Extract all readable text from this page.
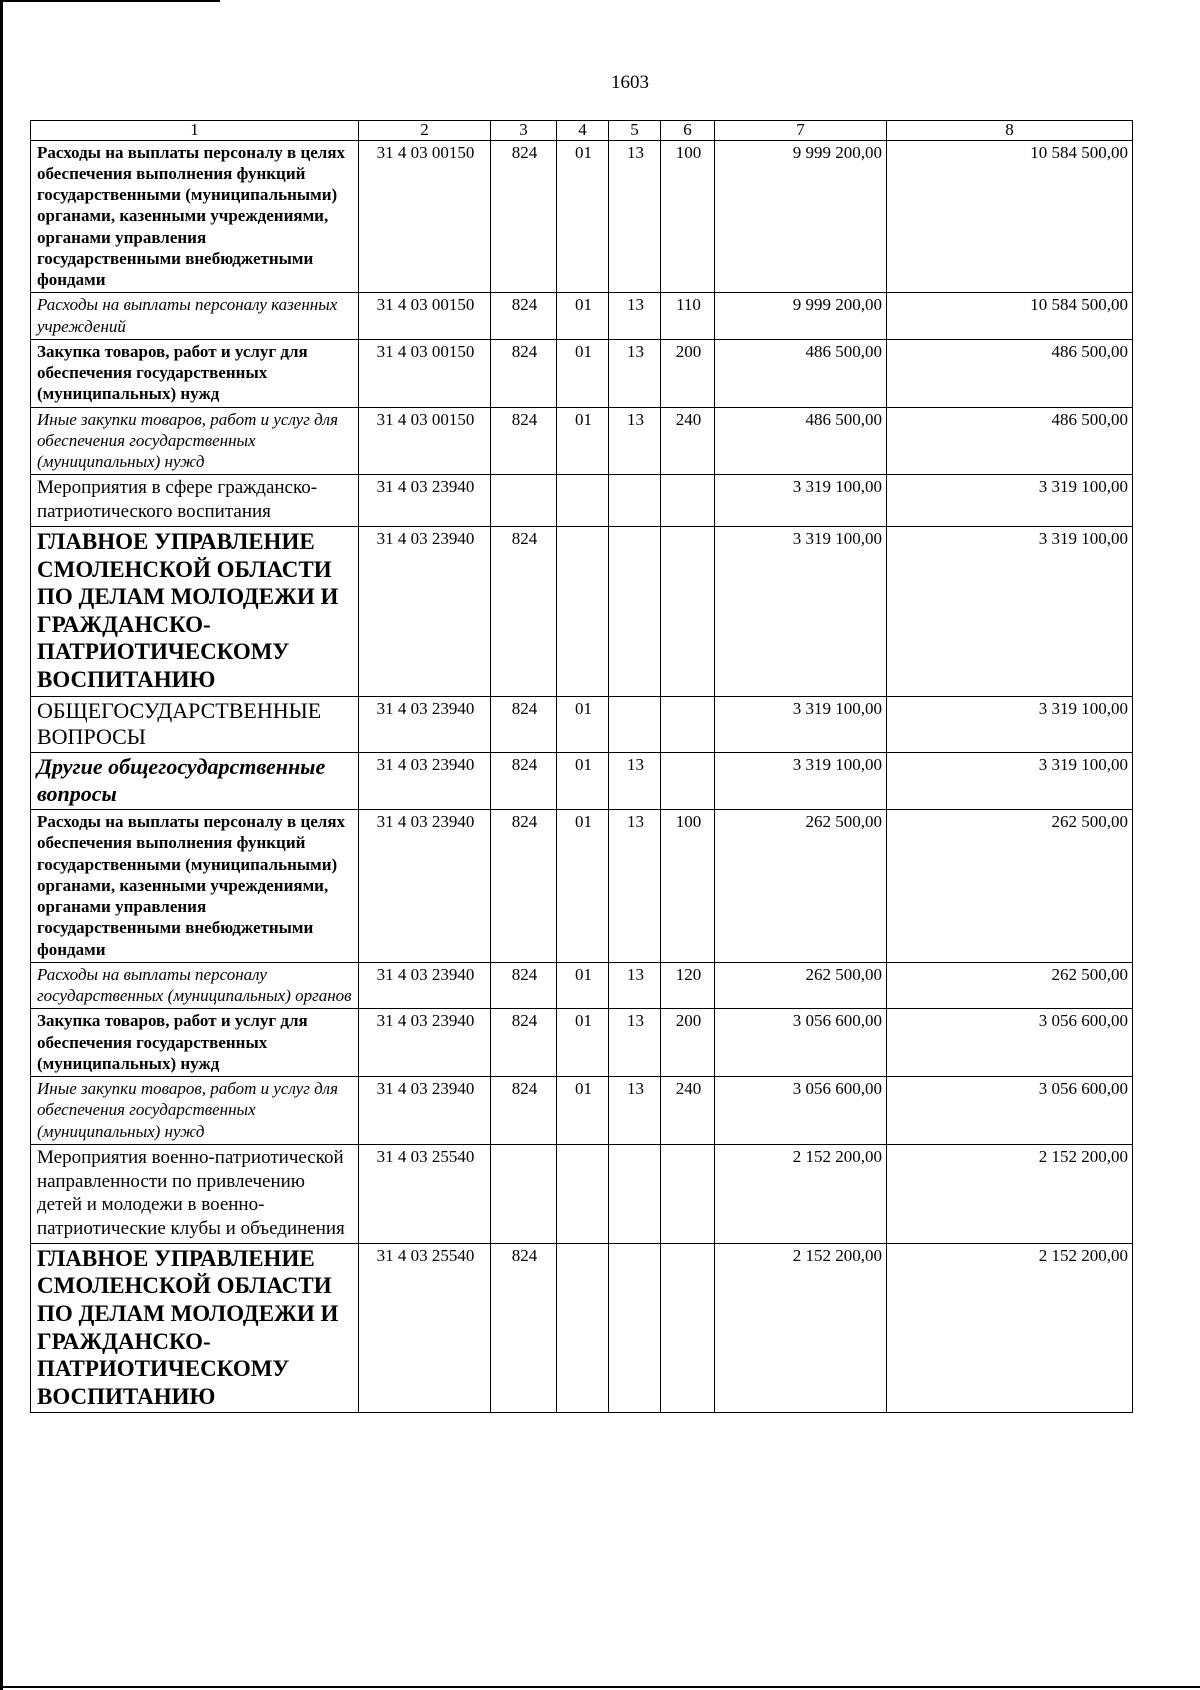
1603
1	2	3	4	5	6	7	8
Расходы на выплаты персоналу в целях обеспечения выполнения функций государственными (муниципальными) органами, казенными учреждениями, органами управления государственными внебюджетными фондами	31 4 03 00150	824	01	13	100	9 999 200,00	10 584 500,00
Расходы на выплаты персоналу казенных учреждений	31 4 03 00150	824	01	13	110	9 999 200,00	10 584 500,00
Закупка товаров, работ и услуг для обеспечения государственных (муниципальных) нужд	31 4 03 00150	824	01	13	200	486 500,00	486 500,00
Иные закупки товаров, работ и услуг для обеспечения государственных (муниципальных) нужд	31 4 03 00150	824	01	13	240	486 500,00	486 500,00
Мероприятия в сфере гражданско-патриотического воспитания	31 4 03 23940					3 319 100,00	3 319 100,00
ГЛАВНОЕ УПРАВЛЕНИЕ СМОЛЕНСКОЙ ОБЛАСТИ ПО ДЕЛАМ МОЛОДЕЖИ И ГРАЖДАНСКО-ПАТРИОТИЧЕСКОМУ ВОСПИТАНИЮ	31 4 03 23940	824				3 319 100,00	3 319 100,00
ОБЩЕГОСУДАРСТВЕННЫЕ ВОПРОСЫ	31 4 03 23940	824	01			3 319 100,00	3 319 100,00
Другие общегосударственные вопросы	31 4 03 23940	824	01	13		3 319 100,00	3 319 100,00
Расходы на выплаты персоналу в целях обеспечения выполнения функций государственными (муниципальными) органами, казенными учреждениями, органами управления государственными внебюджетными фондами	31 4 03 23940	824	01	13	100	262 500,00	262 500,00
Расходы на выплаты персоналу государственных (муниципальных) органов	31 4 03 23940	824	01	13	120	262 500,00	262 500,00
Закупка товаров, работ и услуг для обеспечения государственных (муниципальных) нужд	31 4 03 23940	824	01	13	200	3 056 600,00	3 056 600,00
Иные закупки товаров, работ и услуг для обеспечения государственных (муниципальных) нужд	31 4 03 23940	824	01	13	240	3 056 600,00	3 056 600,00
Мероприятия военно-патриотической направленности по привлечению детей и молодежи в военно-патриотические клубы и объединения	31 4 03 25540					2 152 200,00	2 152 200,00
ГЛАВНОЕ УПРАВЛЕНИЕ СМОЛЕНСКОЙ ОБЛАСТИ ПО ДЕЛАМ МОЛОДЕЖИ И ГРАЖДАНСКО-ПАТРИОТИЧЕСКОМУ ВОСПИТАНИЮ	31 4 03 25540	824				2 152 200,00	2 152 200,00
